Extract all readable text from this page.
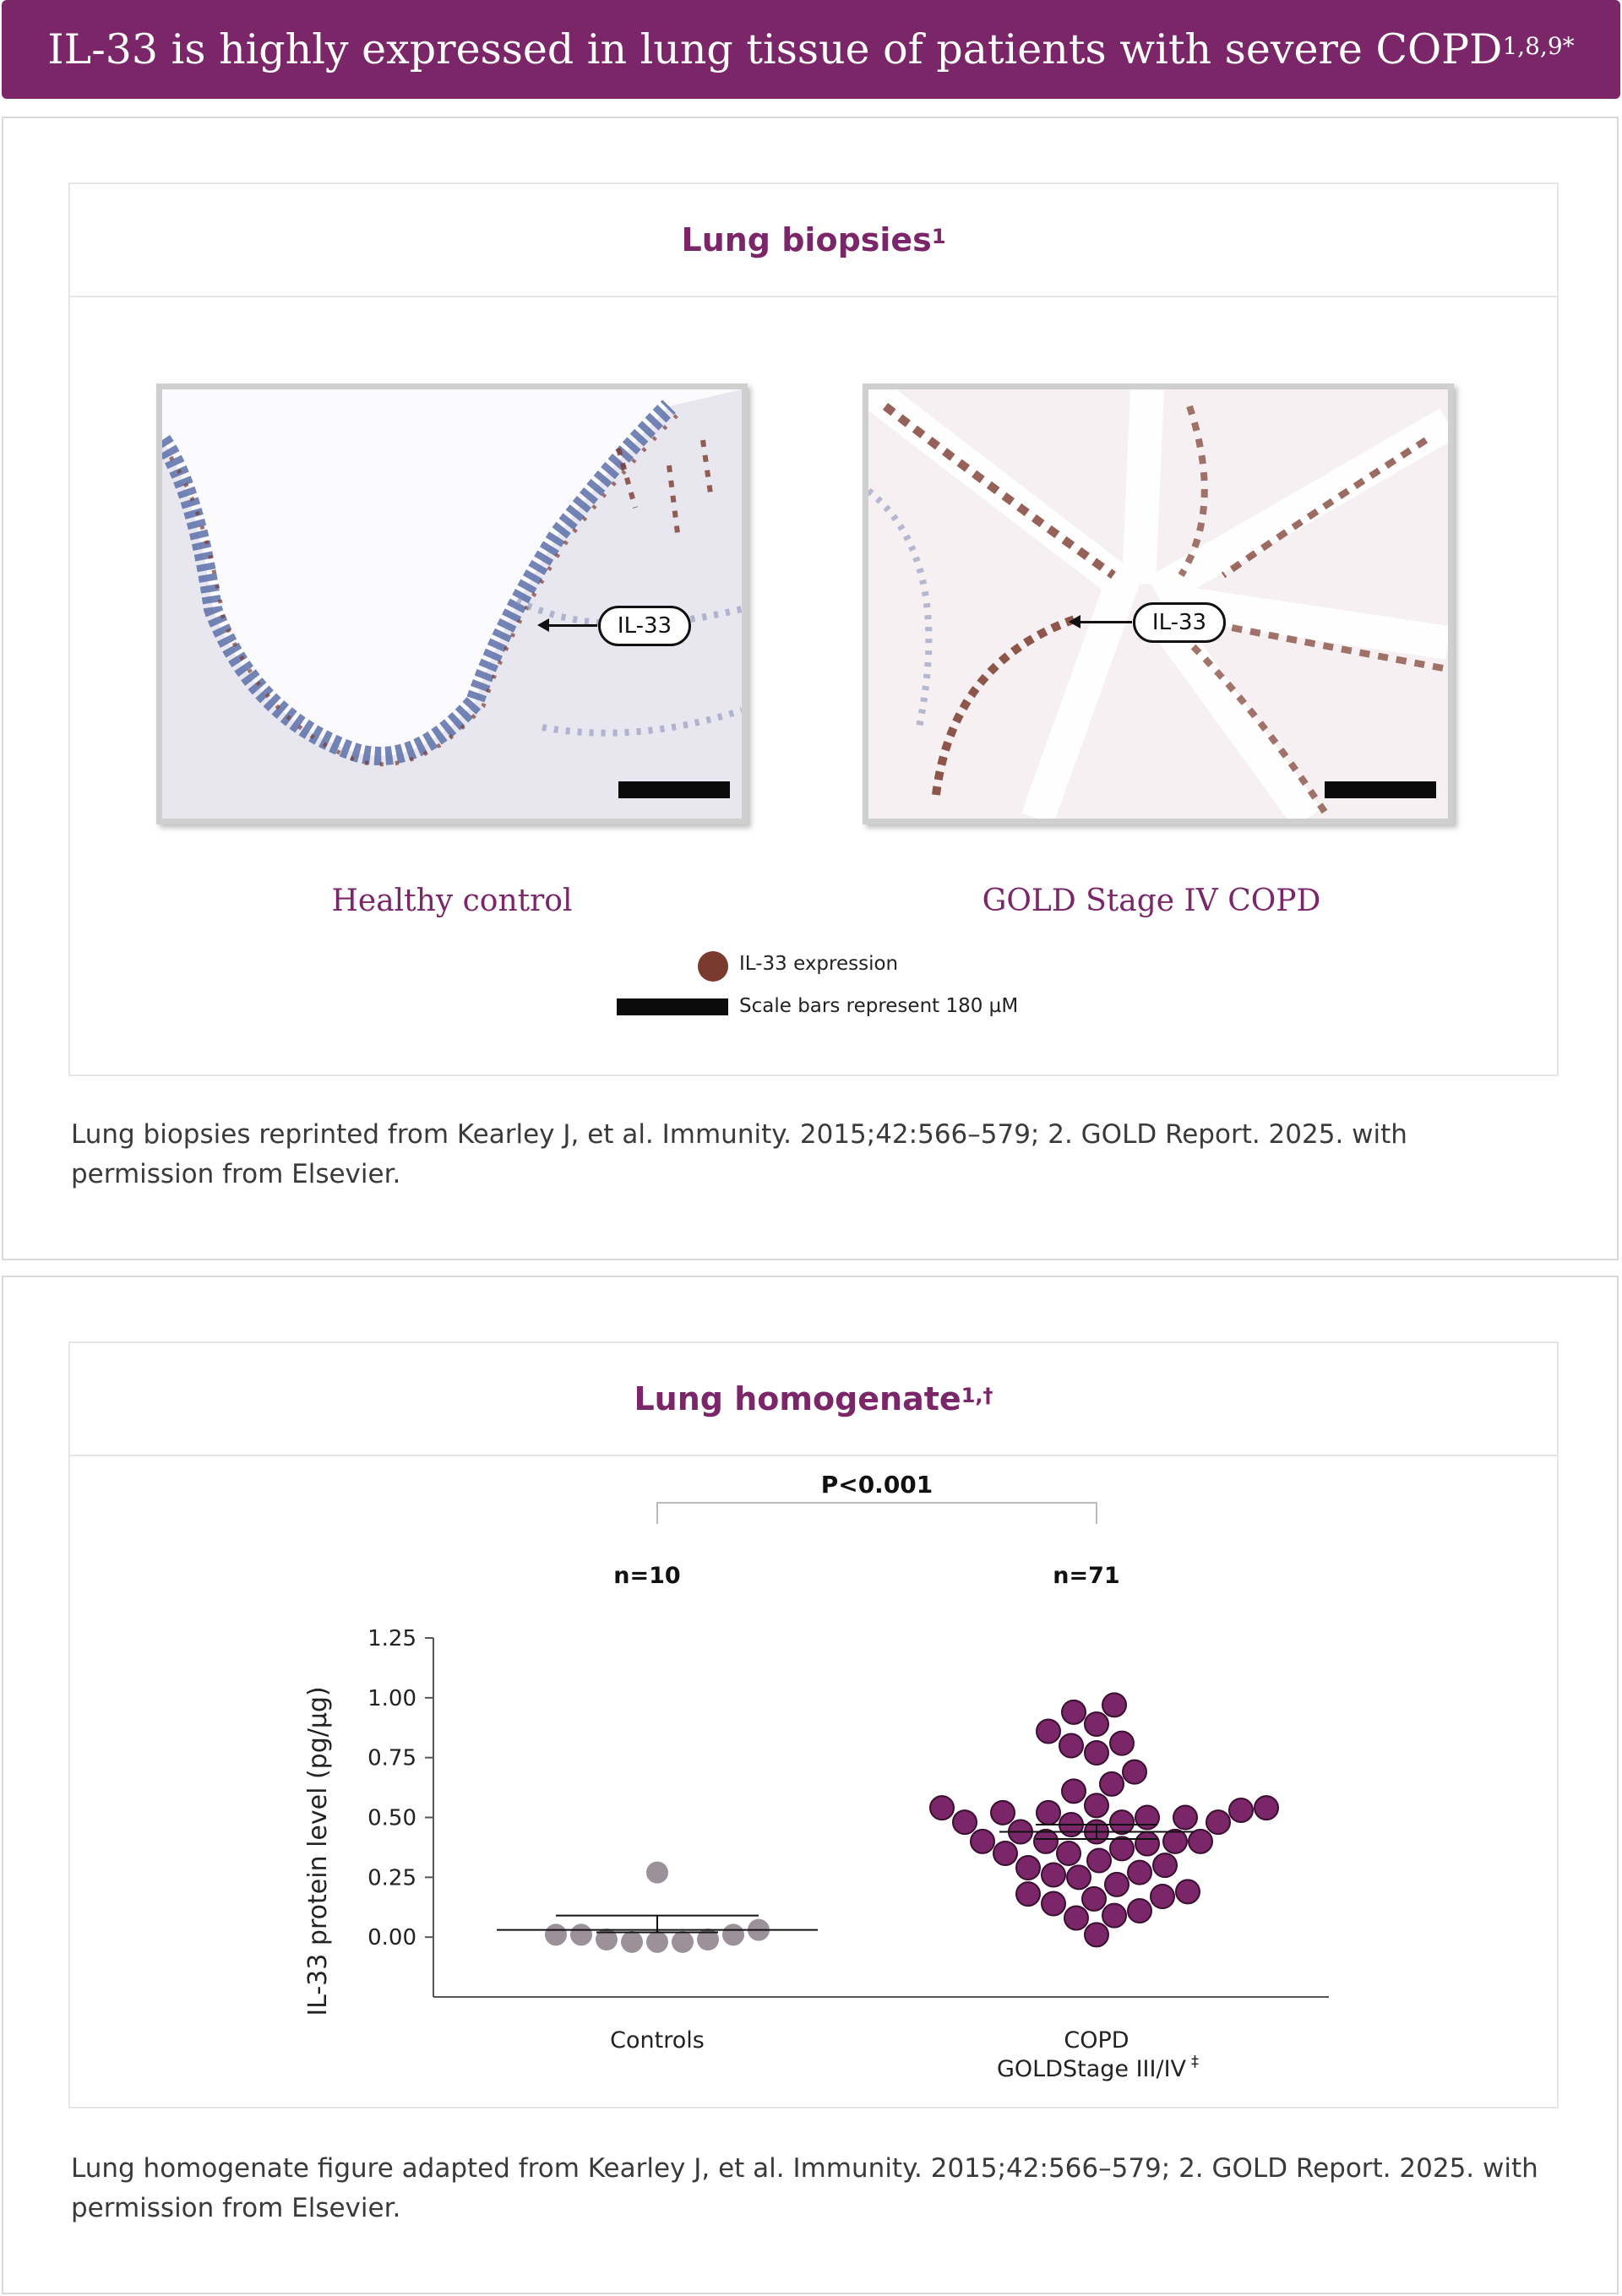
IL-33 is highly expressed in lung tissue of patients with severe $COPD^{1,8,9*}$
Lung biopsies$^1$
IL-33	IL-33
Healthy control	GOLD Stage IV COPD
IL-33 expression
Scale bars represent 180 µM
Lung biopsies reprinted from Kearley J, et al. Immunity. 2015;42:566–579; 2. GOLD Report. 2025. with permission from Elsevier.
Lung homogenate$^{1,\dagger}$
1.25
1.00
0.75
0.50
0.25
0.00
IL-33 protein level (pg/µg)
P<0.001
n=10
Controls
n=71
COPD
GOLDStage III/IV ‡
Lung homogenate figure adapted from Kearley J, et al. Immunity. 2015;42:566–579; 2. GOLD Report. 2025. with permission from Elsevier.
